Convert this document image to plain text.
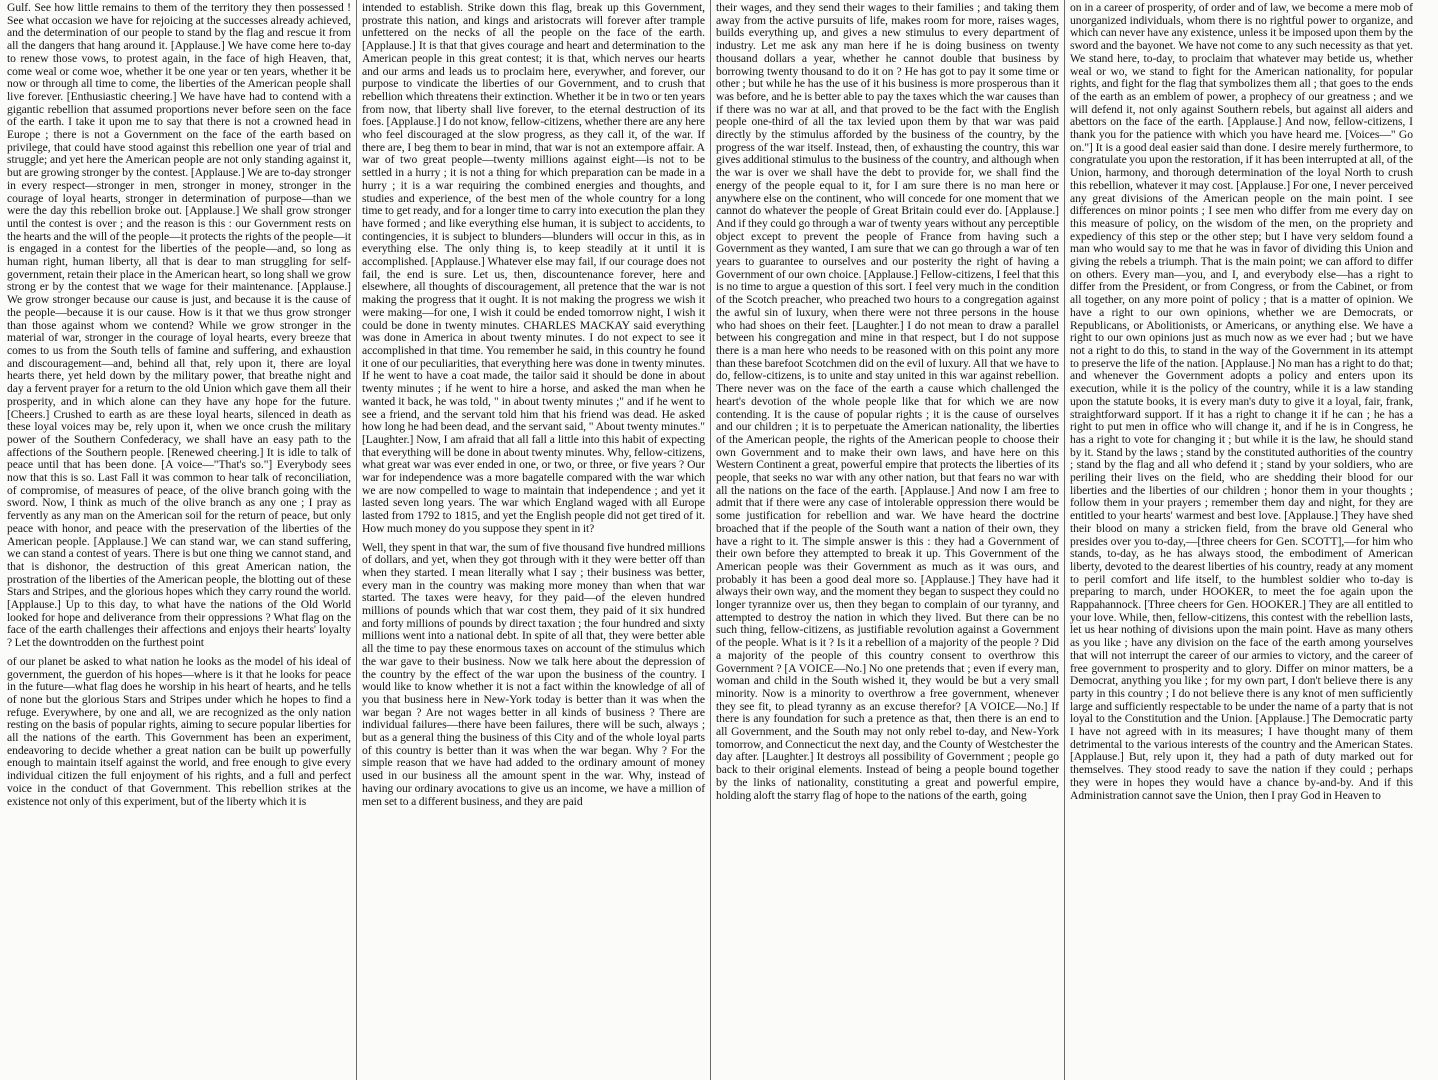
Gulf. See how little remains to them of the territory they then possessed ! See what occasion we have for rejoicing at the successes already achieved, and the determination of our people to stand by the flag and rescue it from all the dangers that hang around it. [Applause.] We have come here to-day to renew those vows, to protest again, in the face of high Heaven, that, come weal or come woe, whether it be one year or ten years, whether it be now or through all time to come, the liberties of the American people shall live forever. [Enthusiastic cheering.] We have have had to contend with a gigantic rebellion that assumed proportions never before seen on the face of the earth. I take it upon me to say that there is not a crowned head in Europe ; there is not a Government on the face of the earth based on privilege, that could have stood against this rebellion one year of trial and struggle; and yet here the American people are not only standing against it, but are growing stronger by the contest. [Applause.] We are to-day stronger in every respect—stronger in men, stronger in money, stronger in the courage of loyal hearts, stronger in determination of purpose—than we were the day this rebellion broke out. [Applause.] We shall grow stronger until the contest is over ; and the reason is this : our Government rests on the hearts and the will of the people—it protects the rights of the people—it is engaged in a contest for the liberties of the people—and, so long as human right, human liberty, all that is dear to man struggling for self-government, retain their place in the American heart, so long shall we grow strong er by the contest that we wage for their maintenance. [Applause.] We grow stronger because our cause is just, and because it is the cause of the people—because it is our cause. How is it that we thus grow stronger than those against whom we contend? While we grow stronger in the material of war, stronger in the courage of loyal hearts, every breeze that comes to us from the South tells of famine and suffering, and exhaustion and discouragement—and, behind all that, rely upon it, there are loyal hearts there, yet held down by the military power, that breathe night and day a fervent prayer for a return to the old Union which gave them all their prosperity, and in which alone can they have any hope for the future. [Cheers.] Crushed to earth as are these loyal hearts, silenced in death as these loyal voices may be, rely upon it, when we once crush the military power of the Southern Confederacy, we shall have an easy path to the affections of the Southern people. [Renewed cheering.] It is idle to talk of peace until that has been done. [A voice—"That's so."] Everybody sees now that this is so. Last Fall it was common to hear talk of reconciliation, of compromise, of measures of peace, of the olive branch going with the sword. Now, I think as much of the olive branch as any one ; I pray as fervently as any man on the American soil for the return of peace, but only peace with honor, and peace with the preservation of the liberties of the American people. [Applause.] We can stand war, we can stand suffering, we can stand a contest of years. There is but one thing we cannot stand, and that is dishonor, the destruction of this great American nation, the prostration of the liberties of the American people, the blotting out of these Stars and Stripes, and the glorious hopes which they carry round the world. [Applause.] Up to this day, to what have the nations of the Old World looked for hope and deliverance from their oppressions ? What flag on the face of the earth challenges their affections and enjoys their hearts' loyalty ? Let the downtrodden on the furthest point

of our planet be asked to what nation he looks as the model of his ideal of government, the guerdon of his hopes—where is it that he looks for peace in the future—what flag does he worship in his heart of hearts, and he tells of none but the glorious Stars and Stripes under which he hopes to find a refuge. Everywhere, by one and all, we are recognized as the only nation resting on the basis of popular rights, aiming to secure popular liberties for all the nations of the earth. This Government has been an experiment, endeavoring to decide whether a great nation can be built up powerfully enough to maintain itself against the world, and free enough to give every individual citizen the full enjoyment of his rights, and a full and perfect voice in the conduct of that Government. This rebellion strikes at the existence not only of this experiment, but of the liberty which it is

intended to establish. Strike down this flag, break up this Government, prostrate this nation, and kings and aristocrats will forever after trample unfettered on the necks of all the people on the face of the earth. [Applause.] It is that that gives courage and heart and determination to the American people in this great contest; it is that, which nerves our hearts and our arms and leads us to proclaim here, everywher, and forever, our purpose to vindicate the liberties of our Government, and to crush that rebellion which threatens their extinction. Whether it be in two or ten years from now, that liberty shall live forever, to the eternal destruction of its foes. [Applause.] I do not know, fellow-citizens, whether there are any here who feel discouraged at the slow progress, as they call it, of the war. If there are, I beg them to bear in mind, that war is not an extempore affair. A war of two great people—twenty millions against eight—is not to be settled in a hurry ; it is not a thing for which preparation can be made in a hurry ; it is a war requiring the combined energies and thoughts, and studies and experience, of the best men of the whole country for a long time to get ready, and for a longer time to carry into execution the plan they have formed ; and like everything else human, it is subject to accidents, to contingencies, it is subject to blunders—blunders will occur in this, as in everything else. The only thing is, to keep steadily at it until it is accomplished. [Applause.] Whatever else may fail, if our courage does not fail, the end is sure. Let us, then, discountenance forever, here and elsewhere, all thoughts of discouragement, all pretence that the war is not making the progress that it ought. It is not making the progress we wish it were making—for one, I wish it could be ended tomorrow night, I wish it could be done in twenty minutes. CHARLES MACKAY said everything was done in America in about twenty minutes. I do not expect to see it accomplished in that time. You remember he said, in this country he found it one of our peculiarities, that everything here was done in twenty minutes. If he went to have a coat made, the tailor said it should be done in about twenty minutes ; if he went to hire a horse, and asked the man when he wanted it back, he was told, " in about twenty minutes ;" and if he went to see a friend, and the servant told him that his friend was dead. He asked how long he had been dead, and the servant said, " About twenty minutes." [Laughter.] Now, I am afraid that all fall a little into this habit of expecting that everything will be done in about twenty minutes. Why, fellow-citizens, what great war was ever ended in one, or two, or three, or five years ? Our war for independence was a more bagatelle compared with the war which we are now compelled to wage to maintain that independence ; and yet it lasted seven long years. The war which England waged with all Europe lasted from 1792 to 1815, and yet the English people did not get tired of it. How much money do you suppose they spent in it?

Well, they spent in that war, the sum of five thousand five hundred millions of dollars, and yet, when they got through with it they were better off than when they started. I mean literally what I say ; their business was better, every man in the country was making more money than when that war started. The taxes were heavy, for they paid—of the eleven hundred millions of pounds which that war cost them, they paid of it six hundred and forty millions of pounds by direct taxation ; the four hundred and sixty millions went into a national debt. In spite of all that, they were better able all the time to pay these enormous taxes on account of the stimulus which the war gave to their business. Now we talk here about the depression of the country by the effect of the war upon the business of the country. I would like to know whether it is not a fact within the knowledge of all of you that business here in New-York today is better than it was when the war began ? Are not wages better in all kinds of business ? There are individual failures—there have been failures, there will be such, always ; but as a general thing the business of this City and of the whole loyal parts of this country is better than it was when the war began. Why ? For the simple reason that we have had added to the ordinary amount of money used in our business all the amount spent in the war. Why, instead of having our ordinary avocations to give us an income, we have a million of men set to a different business, and they are paid

their wages, and they send their wages to their families ; and taking them away from the active pursuits of life, makes room for more, raises wages, builds everything up, and gives a new stimulus to every department of industry. Let me ask any man here if he is doing business on twenty thousand dollars a year, whether he cannot double that business by borrowing twenty thousand to do it on ? He has got to pay it some time or other ; but while he has the use of it his business is more prosperous than it was before, and he is better able to pay the taxes which the war causes than if there was no war at all, and that proved to be the fact with the English people one-third of all the tax levied upon them by that war was paid directly by the stimulus afforded by the business of the country, by the progress of the war itself. Instead, then, of exhausting the country, this war gives additional stimulus to the business of the country, and although when the war is over we shall have the debt to provide for, we shall find the energy of the people equal to it, for I am sure there is no man here or anywhere else on the continent, who will concede for one moment that we cannot do whatever the people of Great Britain could ever do. [Applause.] And if they could go through a war of twenty years without any perceptible object except to prevent the people of France from having such a Government as they wanted, I am sure that we can go through a war of ten years to guarantee to ourselves and our posterity the right of having a Government of our own choice. [Applause.] Fellow-citizens, I feel that this is no time to argue a question of this sort. I feel very much in the condition of the Scotch preacher, who preached two hours to a congregation against the awful sin of luxury, when there were not three persons in the house who had shoes on their feet. [Laughter.] I do not mean to draw a parallel between his congregation and mine in that respect, but I do not suppose there is a man here who needs to be reasoned with on this point any more than these barefoot Scotchmen did on the evil of luxury. All that we have to do, fellow-citizens, is to unite and stay united in this war against rebellion. There never was on the face of the earth a cause which challenged the heart's devotion of the whole people like that for which we are now contending. It is the cause of popular rights ; it is the cause of ourselves and our children ; it is to perpetuate the American nationality, the liberties of the American people, the rights of the American people to choose their own Government and to make their own laws, and have here on this Western Continent a great, powerful empire that protects the liberties of its people, that seeks no war with any other nation, but that fears no war with all the nations on the face of the earth. [Applause.] And now I am free to admit that if there were any case of intolerable oppression there would be some justification for rebellion and war. We have heard the doctrine broached that if the people of the South want a nation of their own, they have a right to it. The simple answer is this : they had a Government of their own before they attempted to break it up. This Government of the American people was their Government as much as it was ours, and probably it has been a good deal more so. [Applause.] They have had it always their own way, and the moment they began to suspect they could no longer tyrannize over us, then they began to complain of our tyranny, and attempted to destroy the nation in which they lived. But there can be no such thing, fellow-citizens, as justifiable revolution against a Government of the people. What is it ? Is it a rebellion of a majority of the people ? Did a majority of the people of this country consent to overthrow this Government ? [A VOICE—No.] No one pretends that ; even if every man, woman and child in the South wished it, they would be but a very small minority. Now is a minority to overthrow a free government, whenever they see fit, to plead tyranny as an excuse therefor? [A VOICE—No.] If there is any foundation for such a pretence as that, then there is an end to all Government, and the South may not only rebel to-day, and New-York tomorrow, and Connecticut the next day, and the County of Westchester the day after. [Laughter.] It destroys all possibility of Government ; people go back to their original elements. Instead of being a people bound together by the links of nationality, constituting a great and powerful empire, holding aloft the starry flag of hope to the nations of the earth, going

on in a career of prosperity, of order and of law, we become a mere mob of unorganized individuals, whom there is no rightful power to organize, and which can never have any existence, unless it be imposed upon them by the sword and the bayonet. We have not come to any such necessity as that yet. We stand here, to-day, to proclaim that whatever may betide us, whether weal or wo, we stand to fight for the American nationality, for popular rights, and fight for the flag that symbolizes them all ; that goes to the ends of the earth as an emblem of power, a prophecy of our greatness ; and we will defend it, not only against Southern rebels, but against all aiders and abettors on the face of the earth. [Applause.] And now, fellow-citizens, I thank you for the patience with which you have heard me. [Voices—" Go on."] It is a good deal easier said than done. I desire merely furthermore, to congratulate you upon the restoration, if it has been interrupted at all, of the Union, harmony, and thorough determination of the loyal North to crush this rebellion, whatever it may cost. [Applause.] For one, I never perceived any great divisions of the American people on the main point. I see differences on minor points ; I see men who differ from me every day on this measure of policy, on the wisdom of the men, on the propriety and expediency of this step or the other step; but I have very seldom found a man who would say to me that he was in favor of dividing this Union and giving the rebels a triumph. That is the main point; we can afford to differ on others. Every man—you, and I, and everybody else—has a right to differ from the President, or from Congress, or from the Cabinet, or from all together, on any more point of policy ; that is a matter of opinion. We have a right to our own opinions, whether we are Democrats, or Republicans, or Abolitionists, or Americans, or anything else. We have a right to our own opinions just as much now as we ever had ; but we have not a right to do this, to stand in the way of the Government in its attempt to preserve the life of the nation. [Applause.] No man has a right to do that; and whenever the Government adopts a policy and enters upon its execution, while it is the policy of the country, while it is a law standing upon the statute books, it is every man's duty to give it a loyal, fair, frank, straightforward support. If it has a right to change it if he can ; he has a right to put men in office who will change it, and if he is in Congress, he has a right to vote for changing it ; but while it is the law, he should stand by it. Stand by the laws ; stand by the constituted authorities of the country ; stand by the flag and all who defend it ; stand by your soldiers, who are periling their lives on the field, who are shedding their blood for our liberties and the liberties of our children ; honor them in your thoughts ; follow them in your prayers ; remember them day and night, for they are entitled to your hearts' warmest and best love. [Applause.] They have shed their blood on many a stricken field, from the brave old General who presides over you to-day,—[three cheers for Gen. SCOTT],—for him who stands, to-day, as he has always stood, the embodiment of American liberty, devoted to the dearest liberties of his country, ready at any moment to peril comfort and life itself, to the humblest soldier who to-day is preparing to march, under HOOKER, to meet the foe again upon the Rappahannock. [Three cheers for Gen. HOOKER.] They are all entitled to your love. While, then, fellow-citizens, this contest with the rebellion lasts, let us hear nothing of divisions upon the main point. Have as many others as you like ; have any division on the face of the earth among yourselves that will not interrupt the career of our armies to victory, and the career of free government to prosperity and to glory. Differ on minor matters, be a Democrat, anything you like ; for my own part, I don't believe there is any party in this country ; I do not believe there is any knot of men sufficiently large and sufficiently respectable to be under the name of a party that is not loyal to the Constitution and the Union. [Applause.] The Democratic party I have not agreed with in its measures; I have thought many of them detrimental to the various interests of the country and the American States. [Applause.] But, rely upon it, they had a path of duty marked out for themselves. They stood ready to save the nation if they could ; perhaps they were in hopes they would have a chance by-and-by. And if this Administration cannot save the Union, then I pray God in Heaven to
